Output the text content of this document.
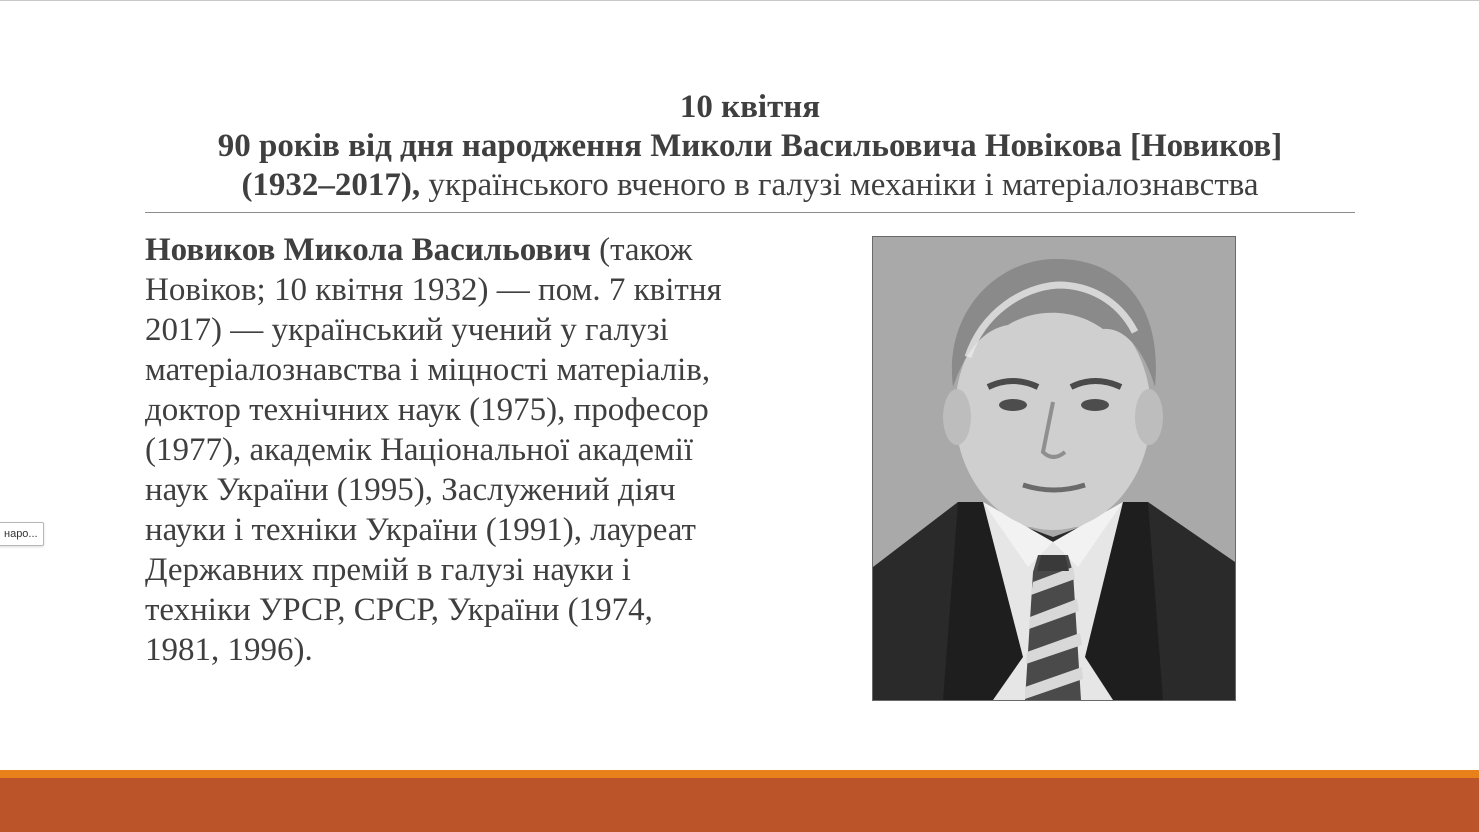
10 квітня
90 років від дня народження Миколи Васильовича Новікова [Новиков]
(1932–2017), українського вченого в галузі механіки і матеріалознавства
Новиков Микола Васильович (також Новіков; 10 квітня 1932) — пом. 7 квітня 2017) — український учений у галузі матеріалознавства і міцності матеріалів, доктор технічних наук (1975), професор (1977), академік Національної академії наук України (1995), Заслужений діяч науки і техніки України (1991), лауреат Державних премій в галузі науки і техніки УРСР, СРСР, України (1974, 1981, 1996).
наро...
